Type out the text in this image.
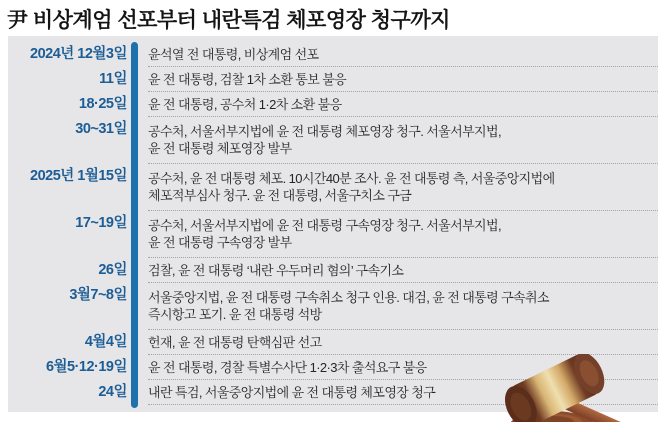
尹 비상계엄 선포부터 내란특검 체포영장 청구까지
2024년 12월3일 윤석열 전 대통령, 비상계엄 선포
11일 윤 전 대통령, 검찰 1차 소환 통보 불응
18·25일 윤 전 대통령, 공수처 1·2차 소환 불응
30~31일 공수처, 서울서부지법에 윤 전 대통령 체포영장 청구. 서울서부지법,
윤 전 대통령 체포영장 발부
2025년 1월15일 공수처, 윤 전 대통령 체포. 10시간40분 조사. 윤 전 대통령 측, 서울중앙지법에
체포적부심사 청구. 윤 전 대통령, 서울구치소 구금
17~19일 공수처, 서울서부지법에 윤 전 대통령 구속영장 청구. 서울서부지법,
윤 전 대통령 구속영장 발부
26일 검찰, 윤 전 대통령 ‘내란 우두머리 혐의’ 구속기소
3월7~8일 서울중앙지법, 윤 전 대통령 구속취소 청구 인용. 대검, 윤 전 대통령 구속취소
즉시항고 포기. 윤 전 대통령 석방
4월4일 헌재, 윤 전 대통령 탄핵심판 선고
6월5·12·19일 윤 전 대통령, 경찰 특별수사단 1·2·3차 출석요구 불응
24일 내란 특검, 서울중앙지법에 윤 전 대통령 체포영장 청구
